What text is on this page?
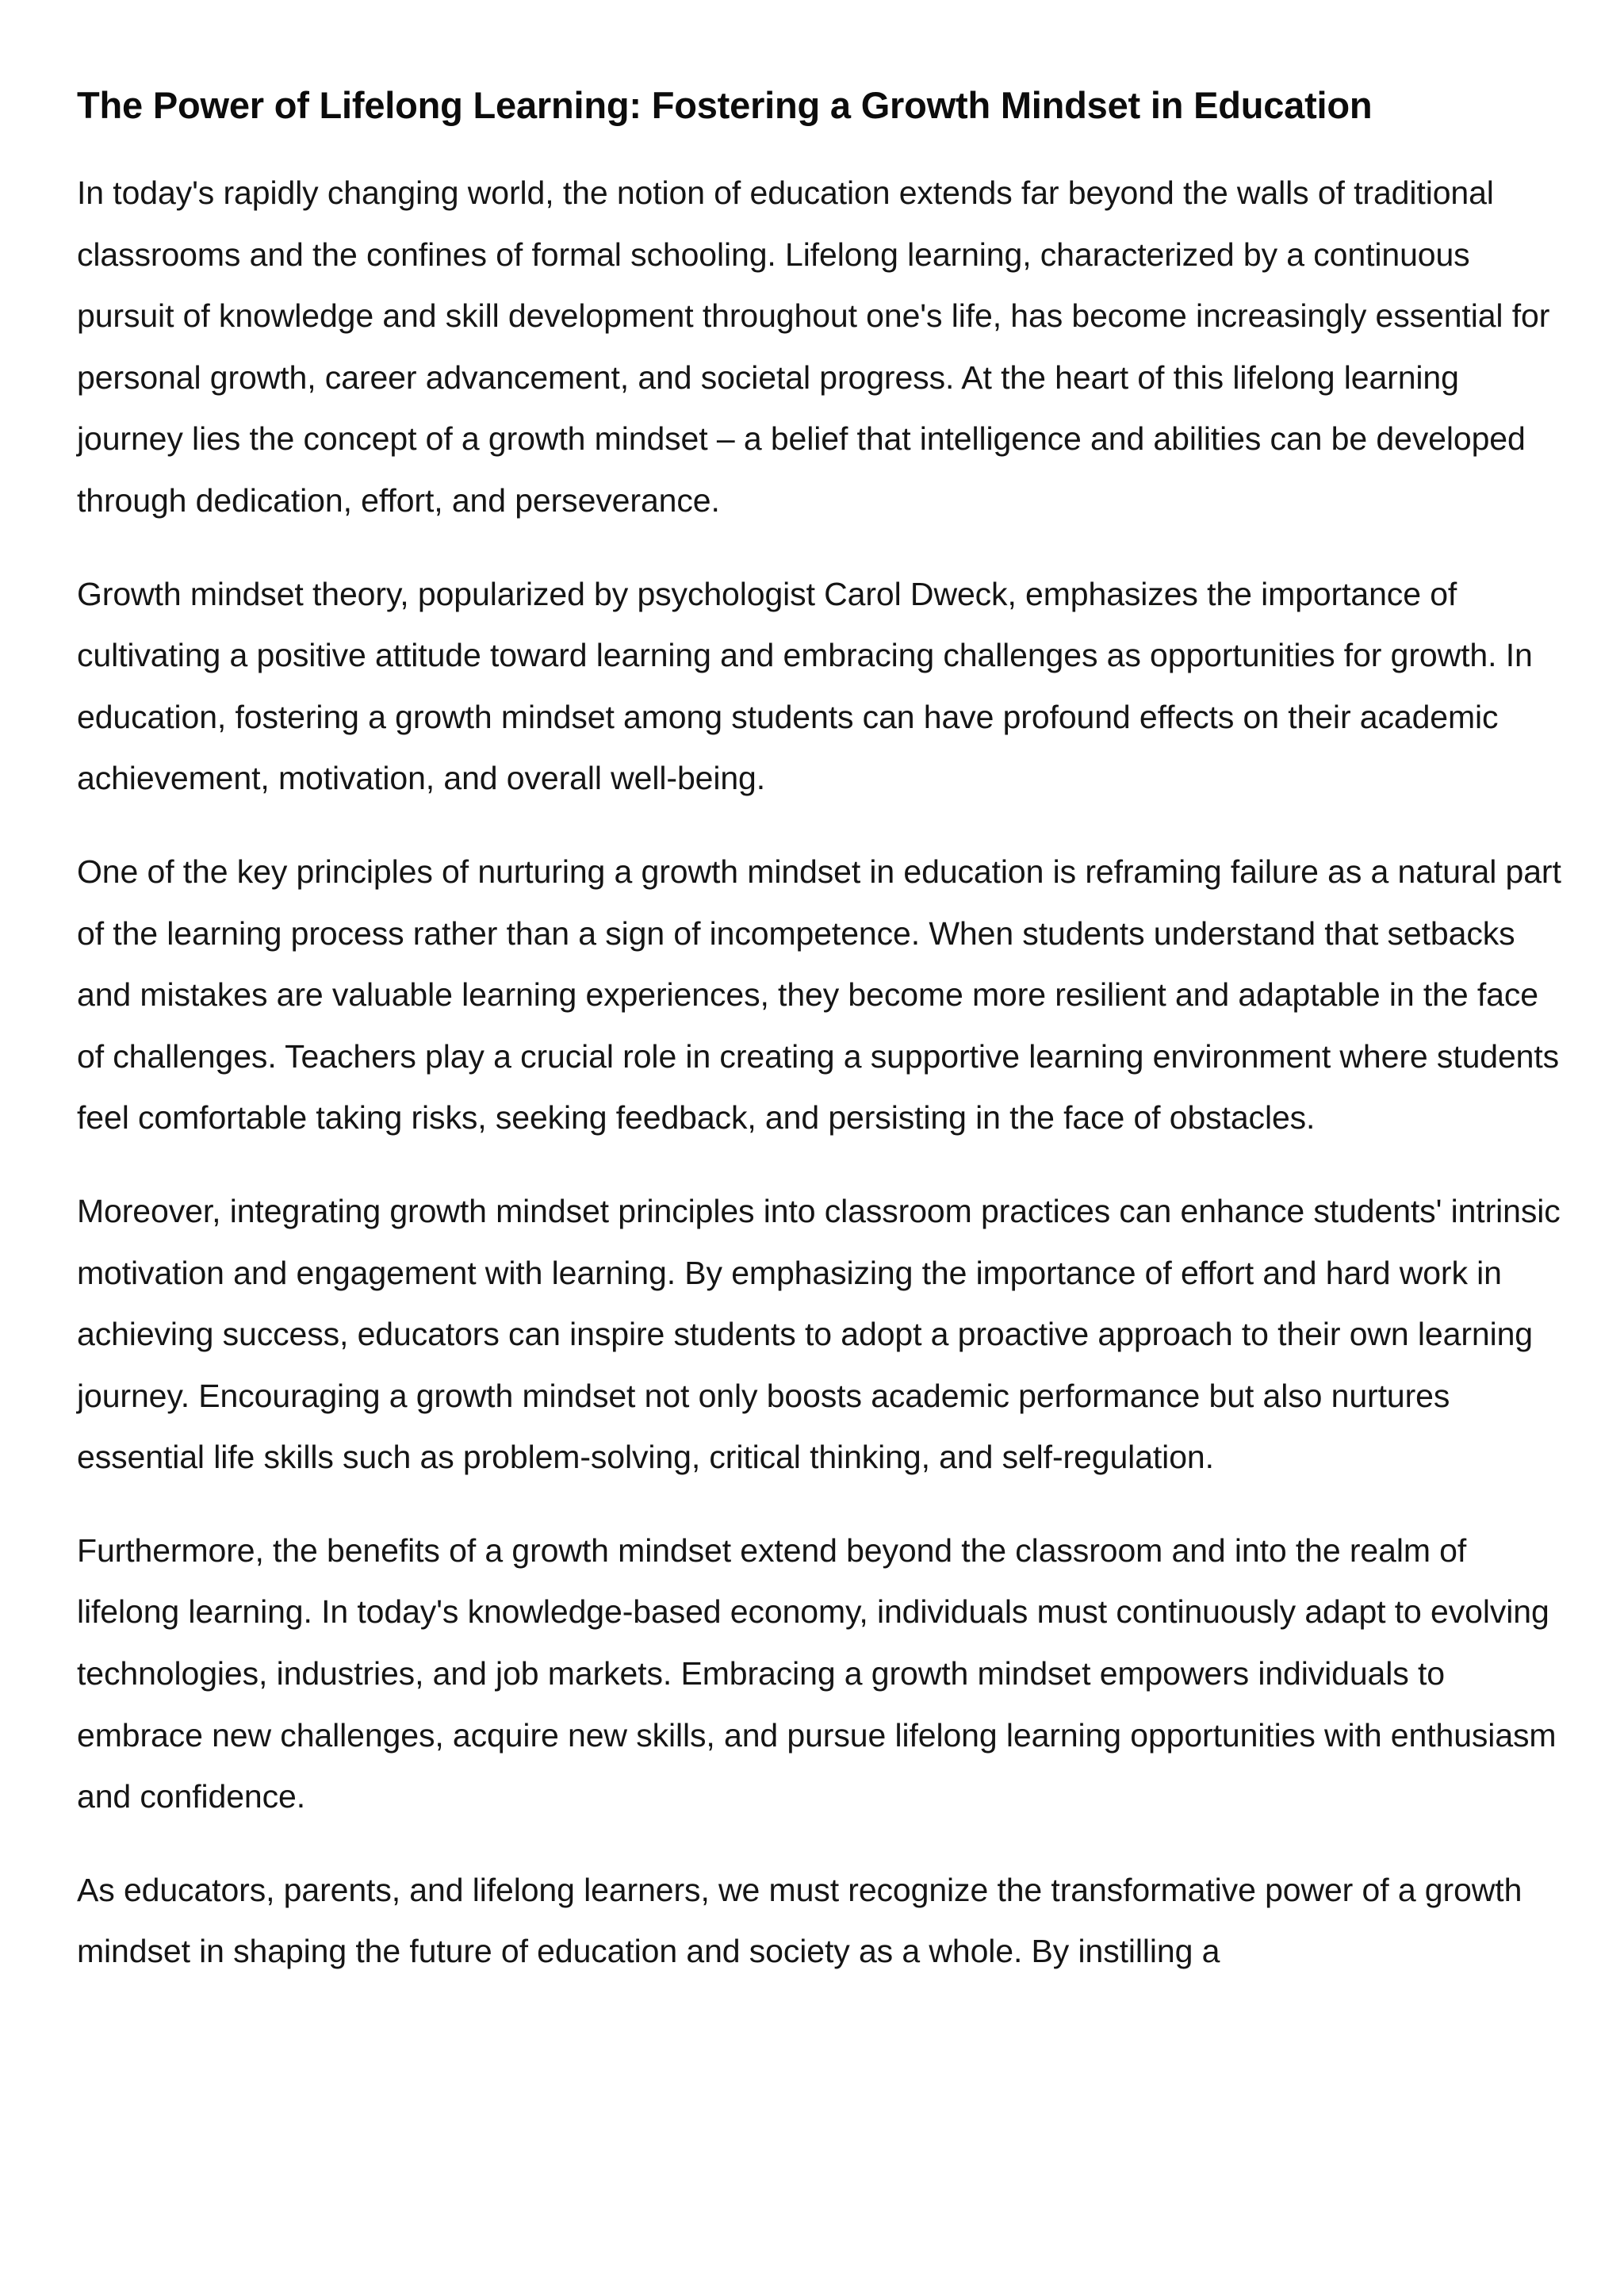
The Power of Lifelong Learning: Fostering a Growth Mindset in Education

In today's rapidly changing world, the notion of education extends far beyond the walls of traditional classrooms and the confines of formal schooling. Lifelong learning, characterized by a continuous pursuit of knowledge and skill development throughout one's life, has become increasingly essential for personal growth, career advancement, and societal progress. At the heart of this lifelong learning journey lies the concept of a growth mindset – a belief that intelligence and abilities can be developed through dedication, effort, and perseverance.

Growth mindset theory, popularized by psychologist Carol Dweck, emphasizes the importance of cultivating a positive attitude toward learning and embracing challenges as opportunities for growth. In education, fostering a growth mindset among students can have profound effects on their academic achievement, motivation, and overall well-being.

One of the key principles of nurturing a growth mindset in education is reframing failure as a natural part of the learning process rather than a sign of incompetence. When students understand that setbacks and mistakes are valuable learning experiences, they become more resilient and adaptable in the face of challenges. Teachers play a crucial role in creating a supportive learning environment where students feel comfortable taking risks, seeking feedback, and persisting in the face of obstacles.

Moreover, integrating growth mindset principles into classroom practices can enhance students' intrinsic motivation and engagement with learning. By emphasizing the importance of effort and hard work in achieving success, educators can inspire students to adopt a proactive approach to their own learning journey. Encouraging a growth mindset not only boosts academic performance but also nurtures essential life skills such as problem-solving, critical thinking, and self-regulation.

Furthermore, the benefits of a growth mindset extend beyond the classroom and into the realm of lifelong learning. In today's knowledge-based economy, individuals must continuously adapt to evolving technologies, industries, and job markets. Embracing a growth mindset empowers individuals to embrace new challenges, acquire new skills, and pursue lifelong learning opportunities with enthusiasm and confidence.

As educators, parents, and lifelong learners, we must recognize the transformative power of a growth mindset in shaping the future of education and society as a whole. By instilling a
